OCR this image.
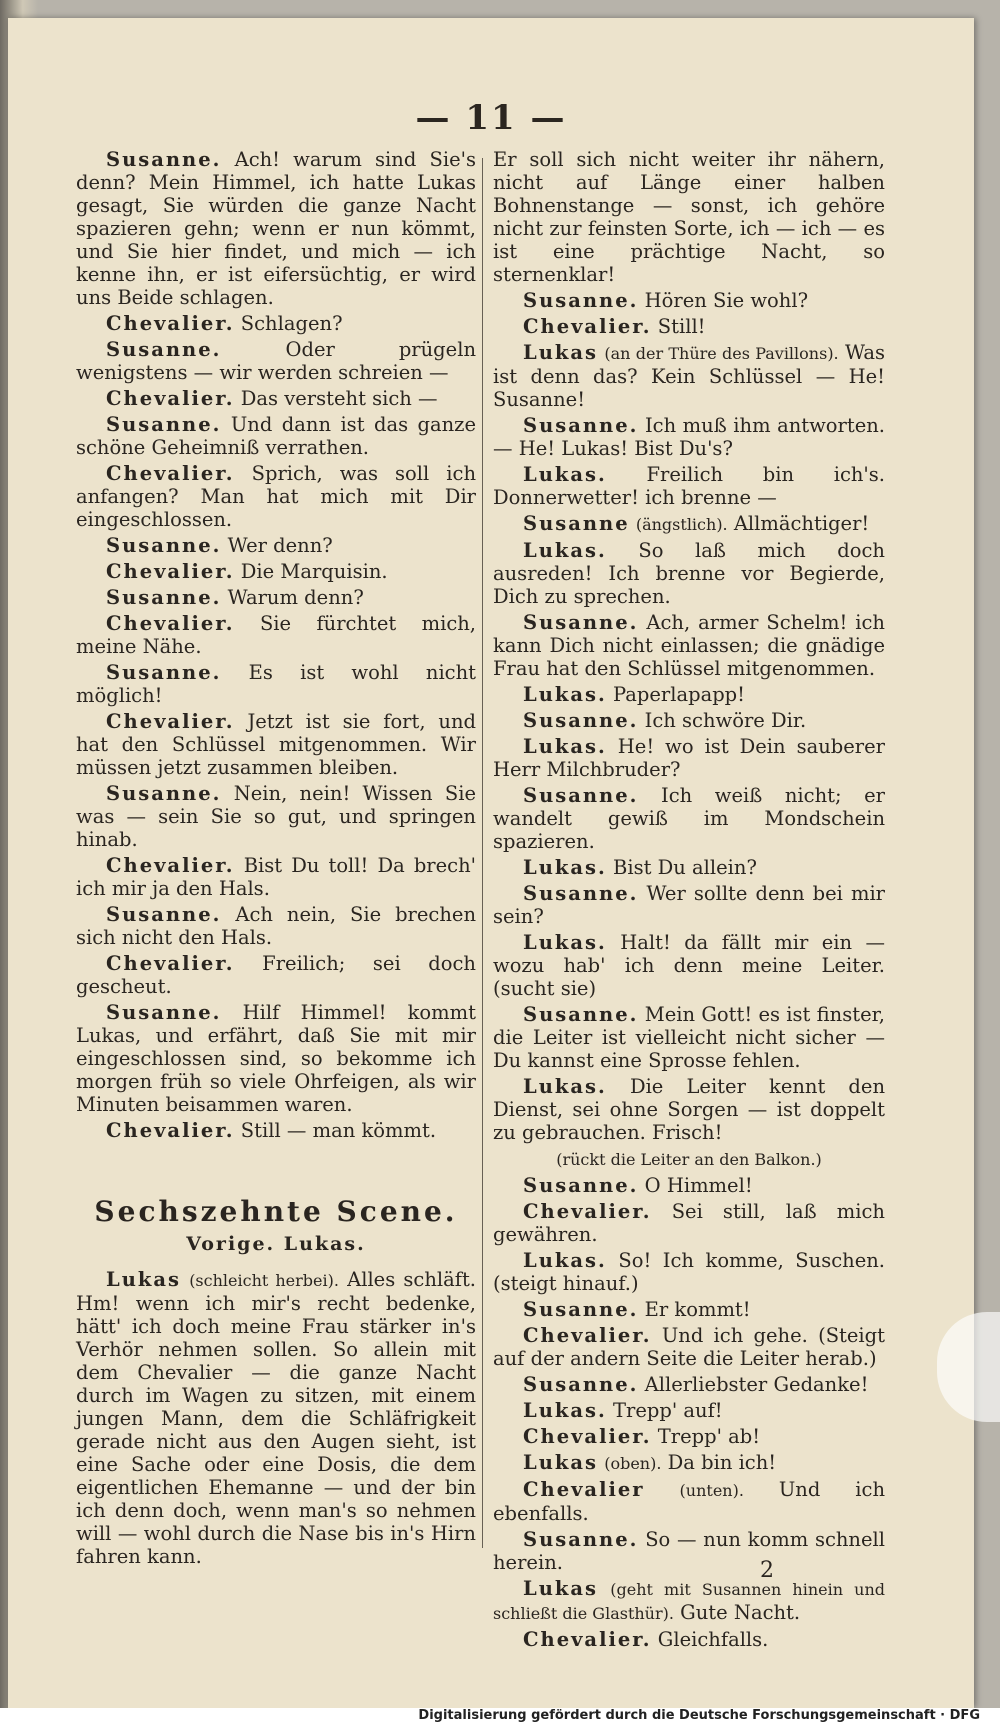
— 11 —

Susanne. Ach! warum sind Sie's denn? Mein Himmel, ich hatte Lukas gesagt, Sie würden die ganze Nacht spazieren gehn; wenn er nun kömmt, und Sie hier findet, und mich — ich kenne ihn, er ist eifersüchtig, er wird uns Beide schlagen.

Chevalier. Schlagen?

Susanne.	Oder prügeln wenigstens — wir werden schreien —

Chevalier. Das versteht sich —

Susanne. Und dann ist das ganze schöne Geheimniß verrathen.

Chevalier. Sprich, was soll ich anfangen? Man hat mich mit Dir eingeschlossen.

Susanne. Wer denn?

Chevalier. Die Marquisin.

Susanne. Warum denn?

Chevalier. Sie fürchtet mich, meine Nähe.

Susanne. Es ist wohl nicht möglich!

Chevalier. Jetzt ist sie fort, und hat den Schlüssel mitgenommen. Wir müssen jetzt zusammen bleiben.

Susanne. Nein, nein! Wissen Sie was — sein Sie so gut, und springen hinab.

Chevalier. Bist Du toll! Da brech' ich mir ja den Hals.

Susanne. Ach nein, Sie brechen sich nicht den Hals.

Chevalier. Freilich; sei doch gescheut.

Susanne. Hilf Himmel! kommt Lukas, und erfährt, daß Sie mit mir eingeschlossen sind, so bekomme ich morgen früh so viele Ohrfeigen, als wir Minuten beisammen waren.

Chevalier. Still — man kömmt.

Sechszehnte Scene.
Vorige. Lukas.

Lukas (schleicht herbei). Alles schläft. Hm! wenn ich mir's recht bedenke, hätt' ich doch meine Frau stärker in's Verhör nehmen sollen. So allein mit dem Chevalier — die ganze Nacht durch im Wagen zu sitzen, mit einem jungen Mann, dem die Schläfrigkeit gerade nicht aus den Augen sieht, ist eine Sache oder eine Dosis, die dem eigentlichen Ehemanne — und der bin ich denn doch, wenn man's so nehmen will — wohl durch die Nase bis in's Hirn fahren kann.

Er soll sich nicht weiter ihr nähern, nicht auf Länge einer halben Bohnenstange — sonst, ich gehöre nicht zur feinsten Sorte, ich — ich — es ist eine prächtige Nacht, so sternenklar!

Susanne. Hören Sie wohl?

Chevalier. Still!

Lukas (an der Thüre des Pavillons). Was ist denn das? Kein Schlüssel — He! Susanne!

Susanne. Ich muß ihm antworten. — He! Lukas! Bist Du's?

Lukas. Freilich bin ich's. Donnerwetter! ich brenne —

Susanne (ängstlich). Allmächtiger!

Lukas. So laß mich doch ausreden! Ich brenne vor Begierde, Dich zu sprechen.

Susanne. Ach, armer Schelm! ich kann Dich nicht einlassen; die gnädige Frau hat den Schlüssel mitgenommen.

Lukas. Paperlapapp!

Susanne. Ich schwöre Dir.

Lukas. He! wo ist Dein sauberer Herr Milchbruder?

Susanne. Ich weiß nicht; er wandelt gewiß im Mondschein spazieren.

Lukas. Bist Du allein?

Susanne. Wer sollte denn bei mir sein?

Lukas. Halt! da fällt mir ein — wozu hab' ich denn meine Leiter. (sucht sie)

Susanne. Mein Gott! es ist finster, die Leiter ist vielleicht nicht sicher — Du kannst eine Sprosse fehlen.

Lukas. Die Leiter kennt den Dienst, sei ohne Sorgen — ist doppelt zu gebrauchen. Frisch!

(rückt die Leiter an den Balkon.)

Susanne. O Himmel!

Chevalier. Sei still, laß mich gewähren.

Lukas. So! Ich komme, Suschen. (steigt hinauf.)

Susanne. Er kommt!

Chevalier. Und ich gehe. (Steigt auf der andern Seite die Leiter herab.)

Susanne. Allerliebster Gedanke!

Lukas. Trepp' auf!

Chevalier. Trepp' ab!

Lukas (oben). Da bin ich!

Chevalier (unten). Und ich ebenfalls.

Susanne. So — nun komm schnell herein.

Lukas (geht mit Susannen hinein und schließt die Glasthür). Gute Nacht.

Chevalier. Gleichfalls.

2
Digitalisierung gefördert durch die Deutsche Forschungsgemeinschaft · DFG
